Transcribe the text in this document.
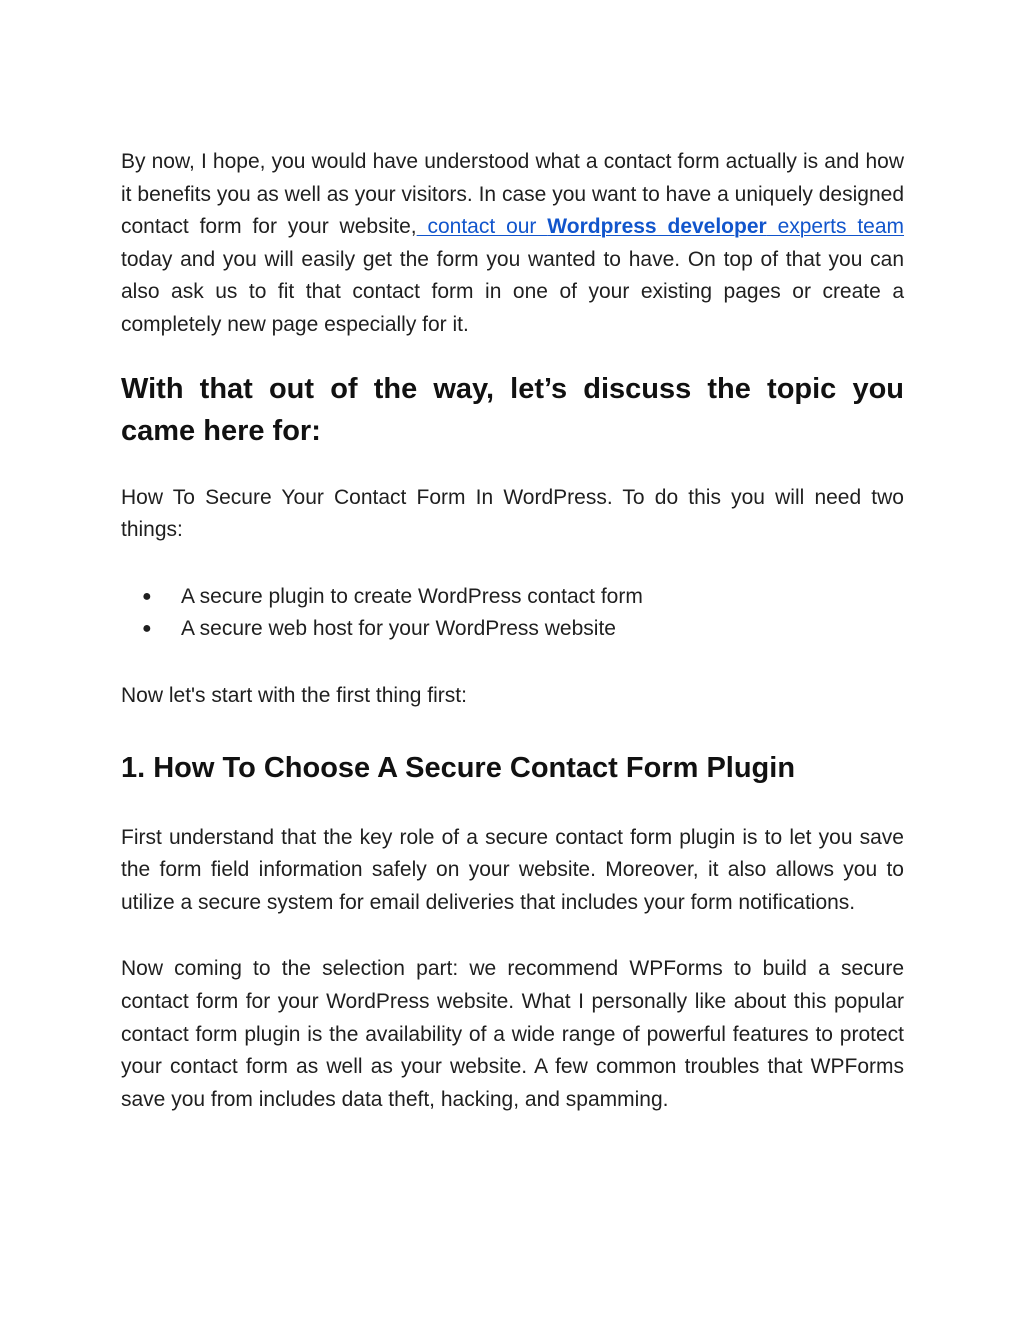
By now, I hope, you would have understood what a contact form actually is and how it benefits you as well as your visitors. In case you want to have a uniquely designed contact form for your website, contact our Wordpress developer experts team today and you will easily get the form you wanted to have. On top of that you can also ask us to fit that contact form in one of your existing pages or create a completely new page especially for it.

With that out of the way, let’s discuss the topic you came here for:

How To Secure Your Contact Form In WordPress. To do this you will need two things:

● A secure plugin to create WordPress contact form
● A secure web host for your WordPress website

Now let's start with the first thing first:

1. How To Choose A Secure Contact Form Plugin

First understand that the key role of a secure contact form plugin is to let you save the form field information safely on your website. Moreover, it also allows you to utilize a secure system for email deliveries that includes your form notifications.

Now coming to the selection part: we recommend WPForms to build a secure contact form for your WordPress website. What I personally like about this popular contact form plugin is the availability of a wide range of powerful features to protect your contact form as well as your website. A few common troubles that WPForms save you from includes data theft, hacking, and spamming.
